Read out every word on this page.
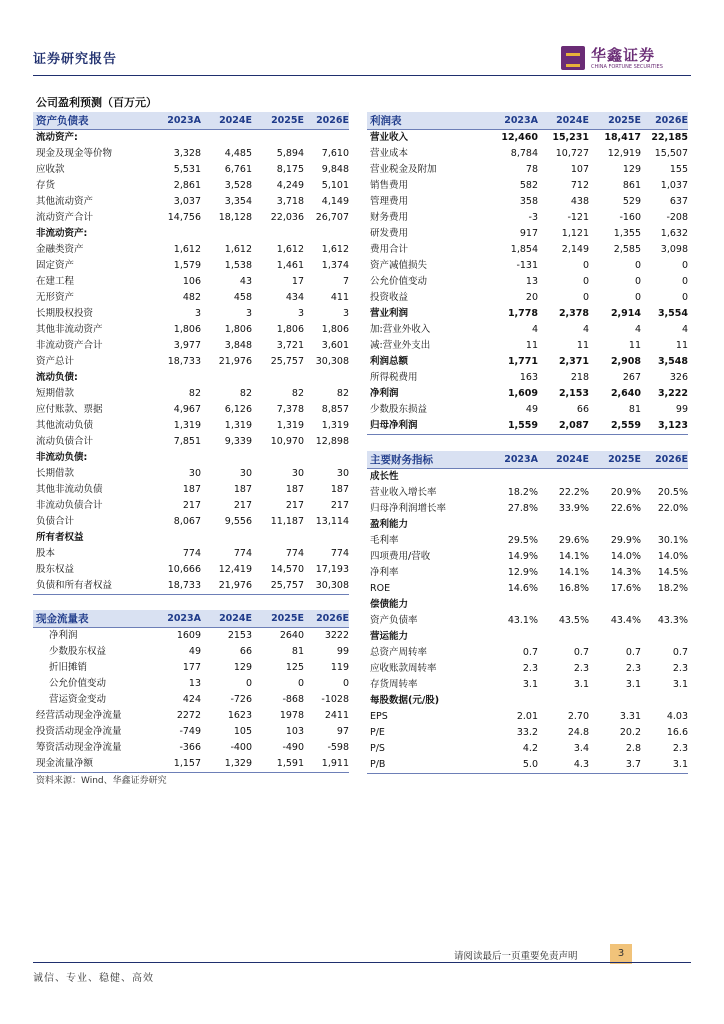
证券研究报告	华鑫证券
CHINA FORTUNE SECURITIES
公司盈利预测（百万元）
资产负债表	2023A	2024E	2025E	2026E
流动资产:				
现金及现金等价物	3,328	4,485	5,894	7,610
应收款	5,531	6,761	8,175	9,848
存货	2,861	3,528	4,249	5,101
其他流动资产	3,037	3,354	3,718	4,149
流动资产合计	14,756	18,128	22,036	26,707
非流动资产:				
金融类资产	1,612	1,612	1,612	1,612
固定资产	1,579	1,538	1,461	1,374
在建工程	106	43	17	7
无形资产	482	458	434	411
长期股权投资	3	3	3	3
其他非流动资产	1,806	1,806	1,806	1,806
非流动资产合计	3,977	3,848	3,721	3,601
资产总计	18,733	21,976	25,757	30,308
流动负债:				
短期借款	82	82	82	82
应付账款、票据	4,967	6,126	7,378	8,857
其他流动负债	1,319	1,319	1,319	1,319
流动负债合计	7,851	9,339	10,970	12,898
非流动负债:				
长期借款	30	30	30	30
其他非流动负债	187	187	187	187
非流动负债合计	217	217	217	217
负债合计	8,067	9,556	11,187	13,114
所有者权益				
股本	774	774	774	774
股东权益	10,666	12,419	14,570	17,193
负债和所有者权益	18,733	21,976	25,757	30,308
利润表	2023A	2024E	2025E	2026E
营业收入	12,460	15,231	18,417	22,185
营业成本	8,784	10,727	12,919	15,507
营业税金及附加	78	107	129	155
销售费用	582	712	861	1,037
管理费用	358	438	529	637
财务费用	-3	-121	-160	-208
研发费用	917	1,121	1,355	1,632
费用合计	1,854	2,149	2,585	3,098
资产减值损失	-131	0	0	0
公允价值变动	13	0	0	0
投资收益	20	0	0	0
营业利润	1,778	2,378	2,914	3,554
加:营业外收入	4	4	4	4
减:营业外支出	11	11	11	11
利润总额	1,771	2,371	2,908	3,548
所得税费用	163	218	267	326
净利润	1,609	2,153	2,640	3,222
少数股东损益	49	66	81	99
归母净利润	1,559	2,087	2,559	3,123
主要财务指标	2023A	2024E	2025E	2026E
成长性				
营业收入增长率	18.2%	22.2%	20.9%	20.5%
归母净利润增长率	27.8%	33.9%	22.6%	22.0%
盈利能力				
毛利率	29.5%	29.6%	29.9%	30.1%
四项费用/营收	14.9%	14.1%	14.0%	14.0%
净利率	12.9%	14.1%	14.3%	14.5%
ROE	14.6%	16.8%	17.6%	18.2%
偿债能力				
资产负债率	43.1%	43.5%	43.4%	43.3%
营运能力				
总资产周转率	0.7	0.7	0.7	0.7
应收账款周转率	2.3	2.3	2.3	2.3
存货周转率	3.1	3.1	3.1	3.1
每股数据(元/股)				
EPS	2.01	2.70	3.31	4.03
P/E	33.2	24.8	20.2	16.6
P/S	4.2	3.4	2.8	2.3
P/B	5.0	4.3	3.7	3.1
现金流量表	2023A	2024E	2025E	2026E
净利润	1609	2153	2640	3222
少数股东权益	49	66	81	99
折旧摊销	177	129	125	119
公允价值变动	13	0	0	0
营运资金变动	424	-726	-868	-1028
经营活动现金净流量	2272	1623	1978	2411
投资活动现金净流量	-749	105	103	97
筹资活动现金净流量	-366	-400	-490	-598
现金流量净额	1,157	1,329	1,591	1,911
资料来源：Wind、华鑫证券研究
请阅读最后一页重要免责声明	3
诚信、专业、稳健、高效
